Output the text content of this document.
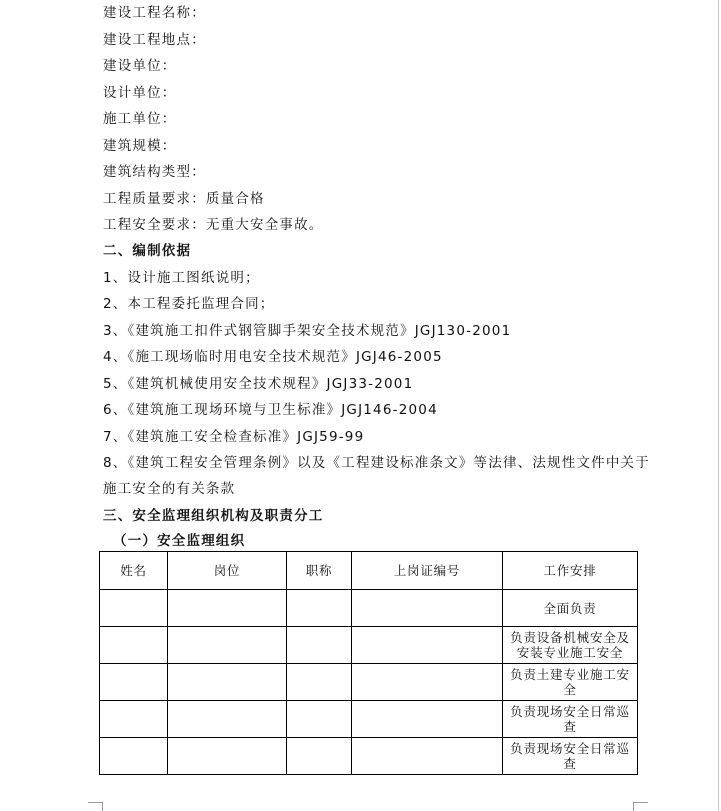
建设工程名称：
建设工程地点：
建设单位：
设计单位：
施工单位：
建筑规模：
建筑结构类型：
工程质量要求：质量合格
工程安全要求：无重大安全事故。
二、编制依据
1、设计施工图纸说明；
2、本工程委托监理合同；
3、《建筑施工扣件式钢管脚手架安全技术规范》JGJ130-2001
4、《施工现场临时用电安全技术规范》JGJ46-2005
5、《建筑机械使用安全技术规程》JGJ33-2001
6、《建筑施工现场环境与卫生标准》JGJ146-2004
7、《建筑施工安全检查标准》JGJ59-99
8、《建筑工程安全管理条例》以及《工程建设标准条文》等法律、法规性文件中关于
施工安全的有关条款
三、安全监理组织机构及职责分工
（一）安全监理组织
姓名	岗位	职称	上岗证编号	工作安排
				全面负责
				负责设备机械安全及安装专业施工安全
				负责土建专业施工安全
				负责现场安全日常巡查
				负责现场安全日常巡查
